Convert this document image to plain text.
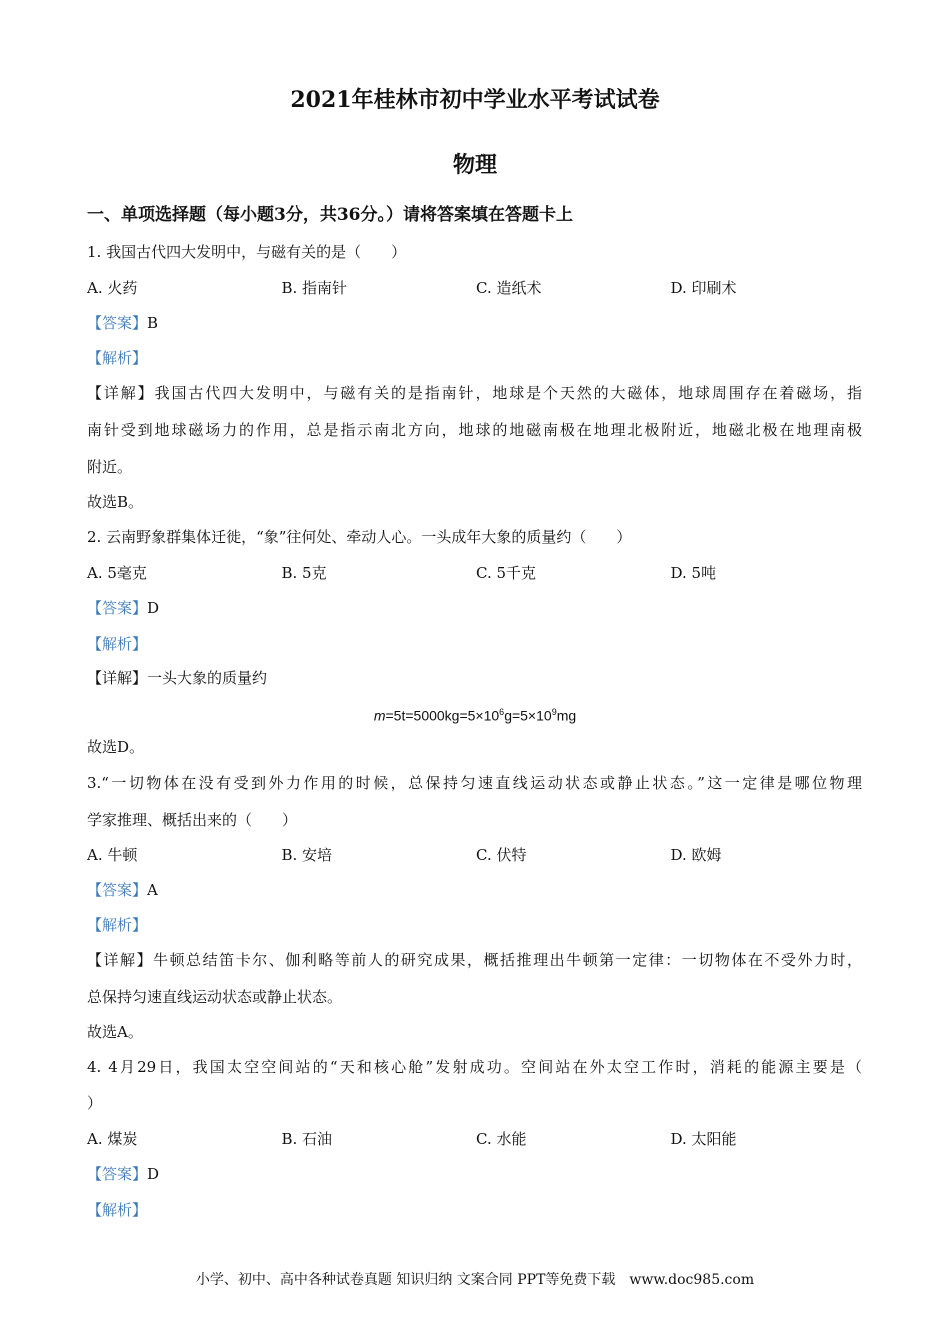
2021年桂林市初中学业水平考试试卷
物理
一、单项选择题（每小题3分，共36分。）请将答案填在答题卡上
1. 我国古代四大发明中，与磁有关的是（　　）
A. 火药	B. 指南针	C. 造纸术	D. 印刷术
【答案】B
【解析】
【详解】我国古代四大发明中，与磁有关的是指南针，地球是个天然的大磁体，地球周围存在着磁场，指
南针受到地球磁场力的作用，总是指示南北方向，地球的地磁南极在地理北极附近，地磁北极在地理南极
附近。
故选B。
2. 云南野象群集体迁徙，“象”往何处、牵动人心。一头成年大象的质量约（　　）
A. 5毫克	B. 5克	C. 5千克	D. 5吨
【答案】D
【解析】
【详解】一头大象的质量约
$m=5t=5000kg=5\times 10^6g=5\times 10^9mg$
故选D。
3.“一切物体在没有受到外力作用的时候，总保持匀速直线运动状态或静止状态。”这一定律是哪位物理
学家推理、概括出来的（　　）
A. 牛顿	B. 安培	C. 伏特	D. 欧姆
【答案】A
【解析】
【详解】牛顿总结笛卡尔、伽利略等前人的研究成果，概括推理出牛顿第一定律：一切物体在不受外力时，
总保持匀速直线运动状态或静止状态。
故选A。
4. 4月29日，我国太空空间站的“天和核心舱”发射成功。空间站在外太空工作时，消耗的能源主要是（
）
A. 煤炭	B. 石油	C. 水能	D. 太阳能
【答案】D
【解析】
小学、初中、高中各种试卷真题 知识归纳 文案合同 PPT等免费下载　www.doc985.com
